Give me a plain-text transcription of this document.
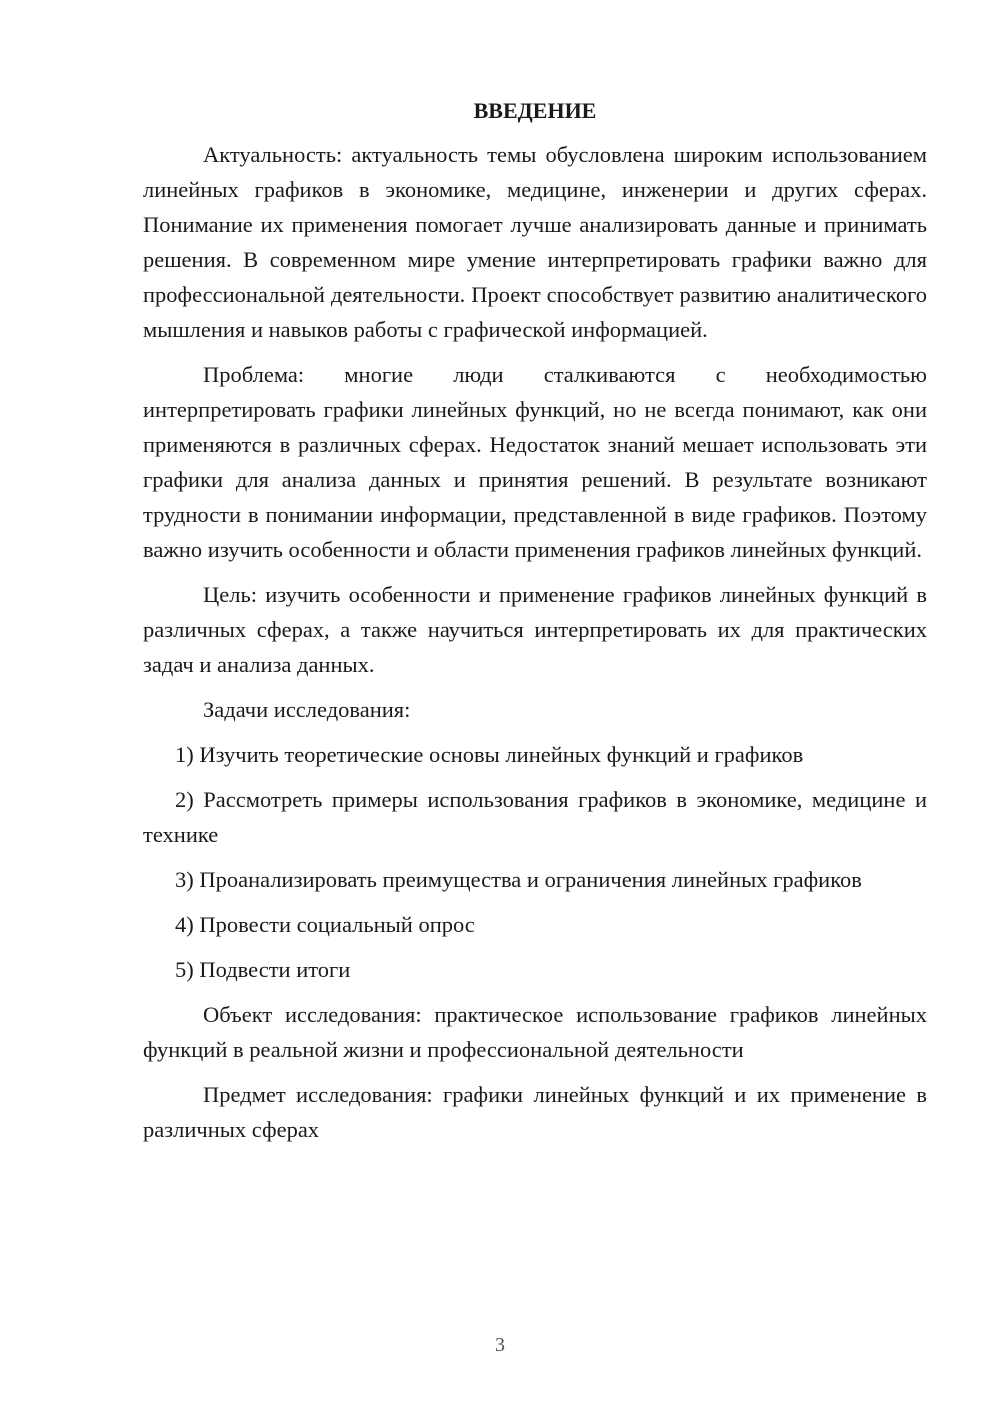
ВВЕДЕНИЕ

Актуальность: актуальность темы обусловлена широким использованием линейных графиков в экономике, медицине, инженерии и других сферах. Понимание их применения помогает лучше анализировать данные и принимать решения. В современном мире умение интерпретировать графики важно для профессиональной деятельности. Проект способствует развитию аналитического мышления и навыков работы с графической информацией.

Проблема: многие люди сталкиваются с необходимостью интерпретировать графики линейных функций, но не всегда понимают, как они применяются в различных сферах. Недостаток знаний мешает использовать эти графики для анализа данных и принятия решений. В результате возникают трудности в понимании информации, представленной в виде графиков. Поэтому важно изучить особенности и области применения графиков линейных функций.

Цель: изучить особенности и применение графиков линейных функций в различных сферах, а также научиться интерпретировать их для практических задач и анализа данных.

Задачи исследования:

1) Изучить теоретические основы линейных функций и графиков

2) Рассмотреть примеры использования графиков в экономике, медицине и технике

3) Проанализировать преимущества и ограничения линейных графиков

4) Провести социальный опрос

5) Подвести итоги

Объект исследования: практическое использование графиков линейных функций в реальной жизни и профессиональной деятельности

Предмет исследования: графики линейных функций и их применение в различных сферах

3
